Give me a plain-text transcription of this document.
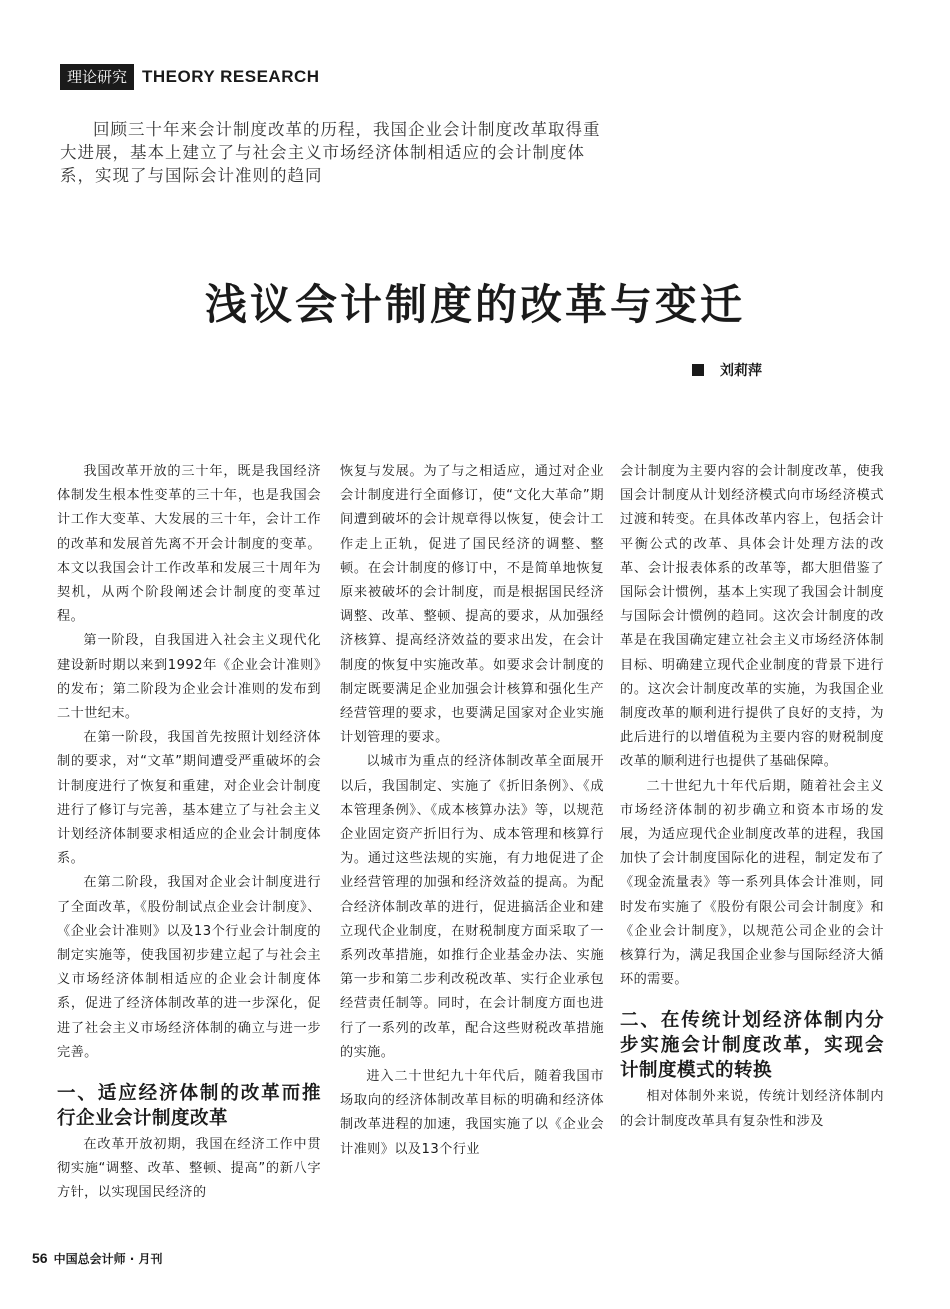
理论研究 THEORY RESEARCH

回顾三十年来会计制度改革的历程，我国企业会计制度改革取得重大进展，基本上建立了与社会主义市场经济体制相适应的会计制度体系，实现了与国际会计准则的趋同

浅议会计制度的改革与变迁
刘莉萍

我国改革开放的三十年，既是我国经济体制发生根本性变革的三十年，也是我国会计工作大变革、大发展的三十年，会计工作的改革和发展首先离不开会计制度的变革。本文以我国会计工作改革和发展三十周年为契机，从两个阶段阐述会计制度的变革过程。

第一阶段，自我国进入社会主义现代化建设新时期以来到1992年《企业会计准则》的发布；第二阶段为企业会计准则的发布到二十世纪末。

在第一阶段，我国首先按照计划经济体制的要求，对“文革”期间遭受严重破坏的会计制度进行了恢复和重建，对企业会计制度进行了修订与完善，基本建立了与社会主义计划经济体制要求相适应的企业会计制度体系。

在第二阶段，我国对企业会计制度进行了全面改革，《股份制试点企业会计制度》、《企业会计准则》以及13个行业会计制度的制定实施等，使我国初步建立起了与社会主义市场经济体制相适应的企业会计制度体系，促进了经济体制改革的进一步深化，促进了社会主义市场经济体制的确立与进一步完善。

一、适应经济体制的改革而推行企业会计制度改革

在改革开放初期，我国在经济工作中贯彻实施“调整、改革、整顿、提高”的新八字方针，以实现国民经济的

恢复与发展。为了与之相适应，通过对企业会计制度进行全面修订，使“文化大革命”期间遭到破坏的会计规章得以恢复，使会计工作走上正轨，促进了国民经济的调整、整顿。在会计制度的修订中，不是简单地恢复原来被破坏的会计制度，而是根据国民经济调整、改革、整顿、提高的要求，从加强经济核算、提高经济效益的要求出发，在会计制度的恢复中实施改革。如要求会计制度的制定既要满足企业加强会计核算和强化生产经营管理的要求，也要满足国家对企业实施计划管理的要求。

以城市为重点的经济体制改革全面展开以后，我国制定、实施了《折旧条例》、《成本管理条例》、《成本核算办法》等，以规范企业固定资产折旧行为、成本管理和核算行为。通过这些法规的实施，有力地促进了企业经营管理的加强和经济效益的提高。为配合经济体制改革的进行，促进搞活企业和建立现代企业制度，在财税制度方面采取了一系列改革措施，如推行企业基金办法、实施第一步和第二步利改税改革、实行企业承包经营责任制等。同时，在会计制度方面也进行了一系列的改革，配合这些财税改革措施的实施。

进入二十世纪九十年代后，随着我国市场取向的经济体制改革目标的明确和经济体制改革进程的加速，我国实施了以《企业会计准则》以及13个行业

会计制度为主要内容的会计制度改革，使我国会计制度从计划经济模式向市场经济模式过渡和转变。在具体改革内容上，包括会计平衡公式的改革、具体会计处理方法的改革、会计报表体系的改革等，都大胆借鉴了国际会计惯例，基本上实现了我国会计制度与国际会计惯例的趋同。这次会计制度的改革是在我国确定建立社会主义市场经济体制目标、明确建立现代企业制度的背景下进行的。这次会计制度改革的实施，为我国企业制度改革的顺利进行提供了良好的支持，为此后进行的以增值税为主要内容的财税制度改革的顺利进行也提供了基础保障。

二十世纪九十年代后期，随着社会主义市场经济体制的初步确立和资本市场的发展，为适应现代企业制度改革的进程，我国加快了会计制度国际化的进程，制定发布了《现金流量表》等一系列具体会计准则，同时发布实施了《股份有限公司会计制度》和《企业会计制度》，以规范公司企业的会计核算行为，满足我国企业参与国际经济大循环的需要。

二、在传统计划经济体制内分步实施会计制度改革，实现会计制度模式的转换

相对体制外来说，传统计划经济体制内的会计制度改革具有复杂性和涉及

56 中国总会计师 · 月刊
